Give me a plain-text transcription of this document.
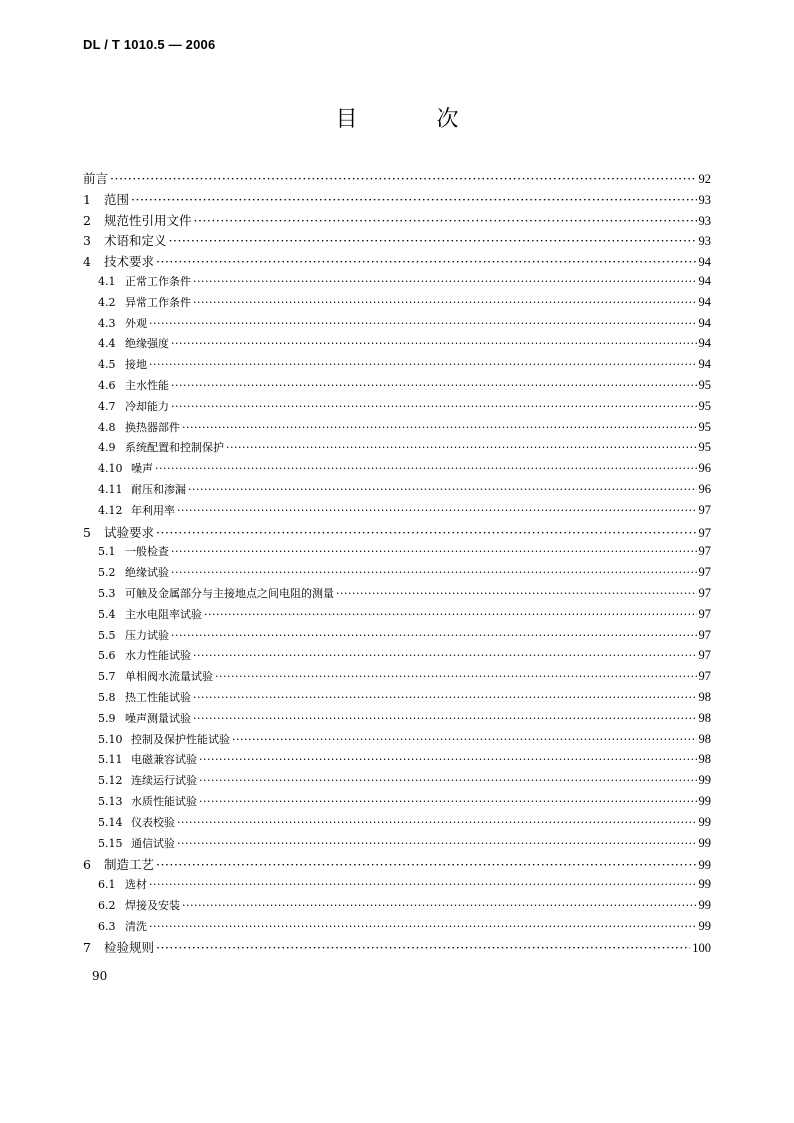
DL / T 1010.5 — 2006
目 次
前言 ·····	92
1	范围 ·····	93
2	规范性引用文件 ·····	93
3	术语和定义 ·····	93
4	技术要求 ·····	94
4.1 正常工作条件 ·····	94
4.2 异常工作条件 ·····	94
4.3 外观 ·····	94
4.4 绝缘强度 ·····	94
4.5 接地 ·····	94
4.6 主水性能 ·····	95
4.7 冷却能力 ·····	95
4.8 换热器部件 ·····	95
4.9 系统配置和控制保护 ·····	95
4.10 噪声 ·····	96
4.11 耐压和渗漏 ·····	96
4.12 年利用率 ·····	97
5	试验要求 ·····	97
5.1 一般检查 ·····	97
5.2 绝缘试验 ·····	97
5.3 可触及金属部分与主接地点之间电阻的测量 ·····	97
5.4 主水电阻率试验 ·····	97
5.5 压力试验 ·····	97
5.6 水力性能试验 ·····	97
5.7 单相阀水流量试验 ·····	97
5.8 热工性能试验 ·····	98
5.9 噪声测量试验 ·····	98
5.10 控制及保护性能试验 ·····	98
5.11 电磁兼容试验 ·····	98
5.12 连续运行试验 ·····	99
5.13 水质性能试验 ·····	99
5.14 仪表校验 ·····	99
5.15 通信试验 ·····	99
6	制造工艺 ·····	99
6.1 选材 ·····	99
6.2 焊接及安装 ·····	99
6.3 清洗 ·····	99
7	检验规则 ·····	100
90
